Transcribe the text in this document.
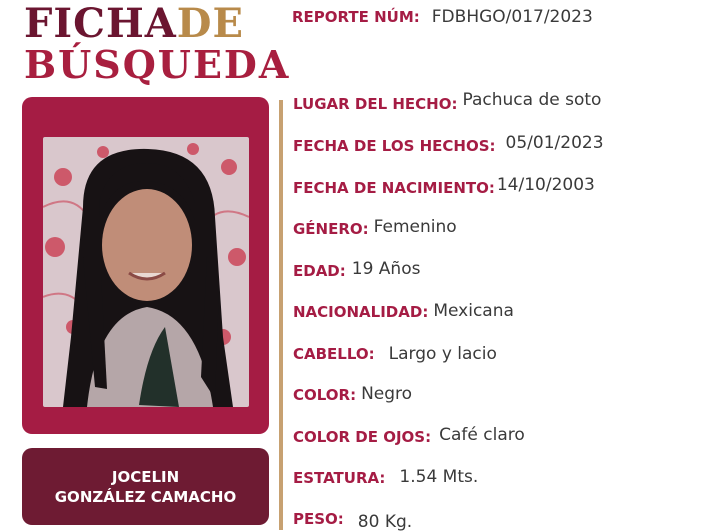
FICHADE
BÚSQUEDA
JOCELIN
GONZÁLEZ CAMACHO
REPORTE NÚM: FDBHGO/017/2023
LUGAR DEL HECHO: Pachuca de soto
FECHA DE LOS HECHOS: 05/01/2023
FECHA DE NACIMIENTO: 14/10/2003
GÉNERO: Femenino
EDAD: 19 Años
NACIONALIDAD: Mexicana
CABELLO: Largo y lacio
COLOR: Negro
COLOR DE OJOS: Café claro
ESTATURA: 1.54 Mts.
PESO: 80 Kg.
